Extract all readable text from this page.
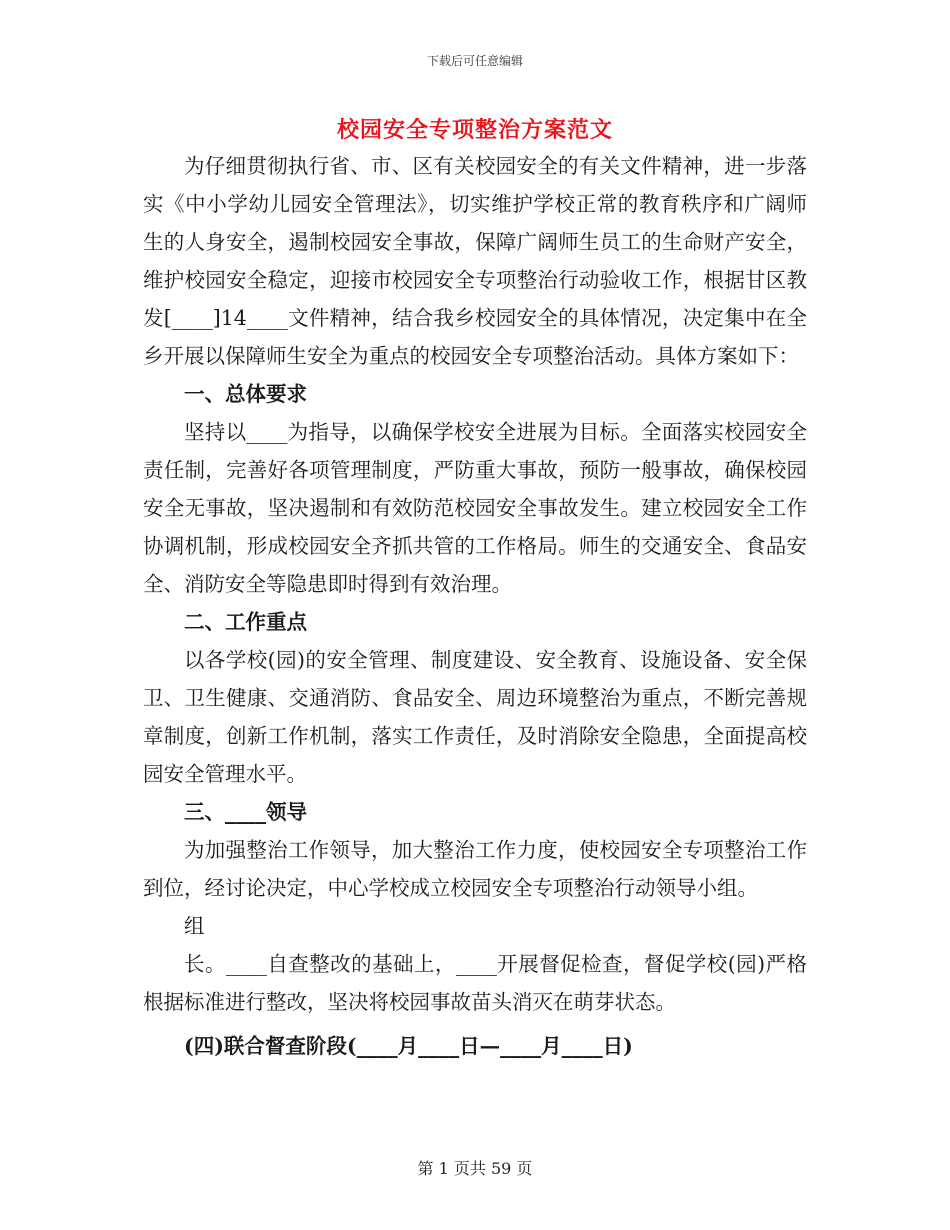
下载后可任意编辑
校园安全专项整治方案范文

为仔细贯彻执行省、市、区有关校园安全的有关文件精神，进一步落实《中小学幼儿园安全管理法》，切实维护学校正常的教育秩序和广阔师生的人身安全，遏制校园安全事故，保障广阔师生员工的生命财产安全，维护校园安全稳定，迎接市校园安全专项整治行动验收工作，根据甘区教发[____]14____文件精神，结合我乡校园安全的具体情况，决定集中在全乡开展以保障师生安全为重点的校园安全专项整治活动。具体方案如下：

一、总体要求

坚持以____为指导，以确保学校安全进展为目标。全面落实校园安全责任制，完善好各项管理制度，严防重大事故，预防一般事故，确保校园安全无事故，坚决遏制和有效防范校园安全事故发生。建立校园安全工作协调机制，形成校园安全齐抓共管的工作格局。师生的交通安全、食品安全、消防安全等隐患即时得到有效治理。

二、工作重点

以各学校(园)的安全管理、制度建设、安全教育、设施设备、安全保卫、卫生健康、交通消防、食品安全、周边环境整治为重点，不断完善规章制度，创新工作机制，落实工作责任，及时消除安全隐患，全面提高校园安全管理水平。

三、____领导

为加强整治工作领导，加大整治工作力度，使校园安全专项整治工作到位，经讨论决定，中心学校成立校园安全专项整治行动领导小组。

组

长。____自查整改的基础上，____开展督促检查，督促学校(园)严格根据标准进行整改，坚决将校园事故苗头消灭在萌芽状态。

(四)联合督查阶段(____月____日—____月____日)

第 1 页共 59 页
